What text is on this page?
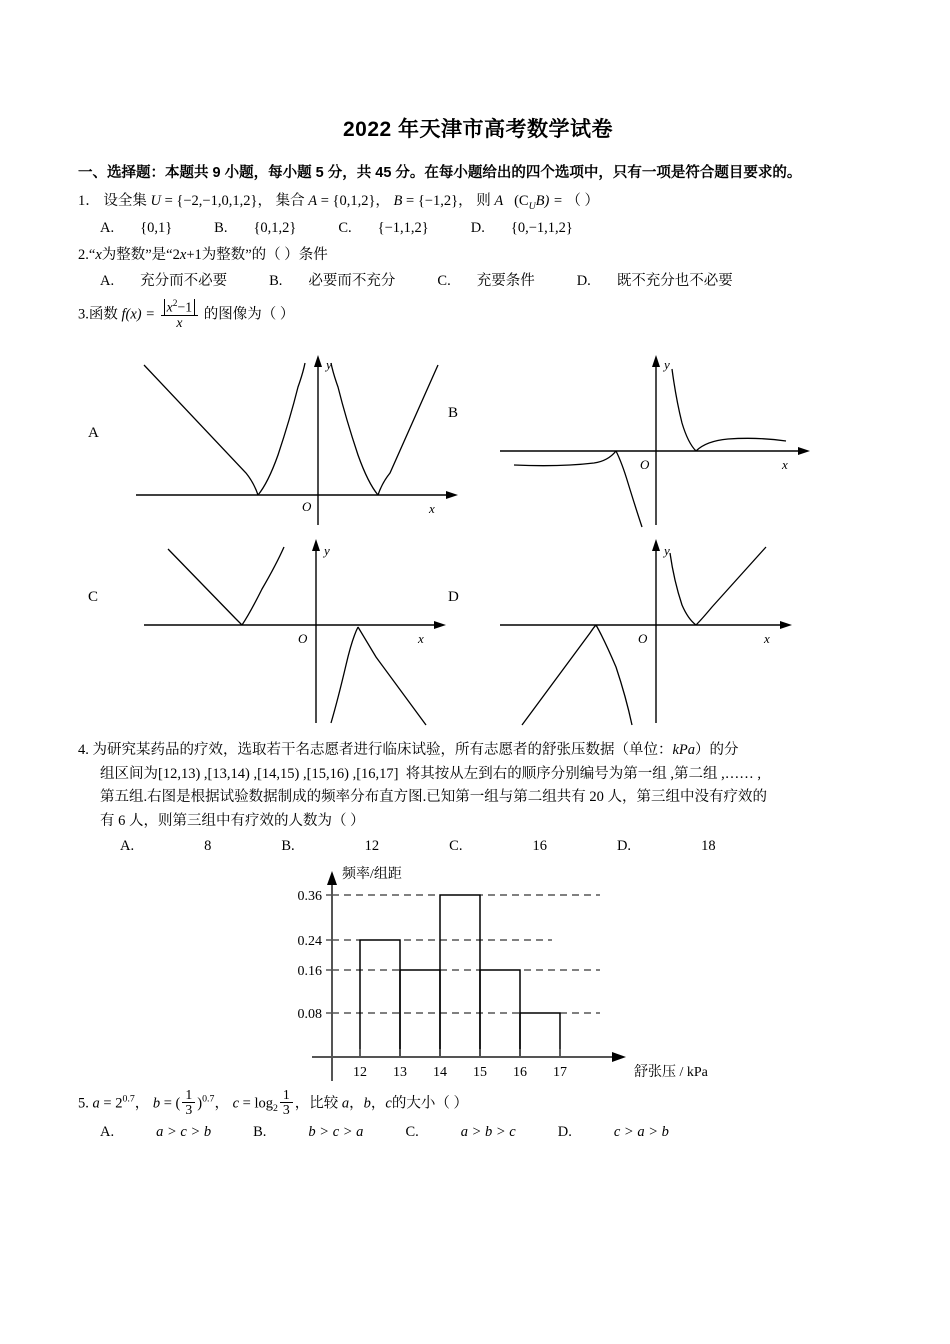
2022 年天津市高考数学试卷
一、选择题：本题共 9 小题，每小题 5 分，共 45 分。在每小题给出的四个选项中，只有一项是符合题目要求的。
1． 设全集 U = {−2,−1,0,1,2}， 集合 A = {0,1,2}， B = {−1,2}， 则 A $(C_UB)$ = （ ）
A. {0,1}	B. {0,1,2}	C. {−1,1,2}	D. {0,−1,1,2}
2.“x为整数”是“2x+1为整数”的（ ）条件
A. 充分而不必要	B. 必要而不充分	C. 充要条件	D. 既不充分也不必要
3.函数 $f(x) = \frac{x^2-1}{x}$ 的图像为（ ）
y
x
O
A
y
x
O
B
y
x
O
C
y
x
O
D
4. 为研究某药品的疗效，选取若干名志愿者进行临床试验，所有志愿者的舒张压数据（单位：kPa）的分
组区间为[12,13) ,[13,14) ,[14,15) ,[15,16) ,[16,17] 将其按从左到右的顺序分别编号为第一组 ,第二组 ,…… ,
第五组.右图是根据试验数据制成的频率分布直方图.已知第一组与第二组共有 20 人，第三组中没有疗效的
有 6 人，则第三组中有疗效的人数为（ ）
A.	8	B.	12	C.	16	D.	18
0.36
0.24
0.16
0.08
12 13 14 15 16 17
频率/组距
舒张压 / kPa
5. $a = 2^{0.7}$， b = ( $\frac{1}{3} )^{0.7}$， $c = \log_2 \frac{1}{3}$ ，比较 a，b，c的大小（ ）
A.	a > c > b	B.	b > c > a	C.	a > b > c	D.	c > a > b
